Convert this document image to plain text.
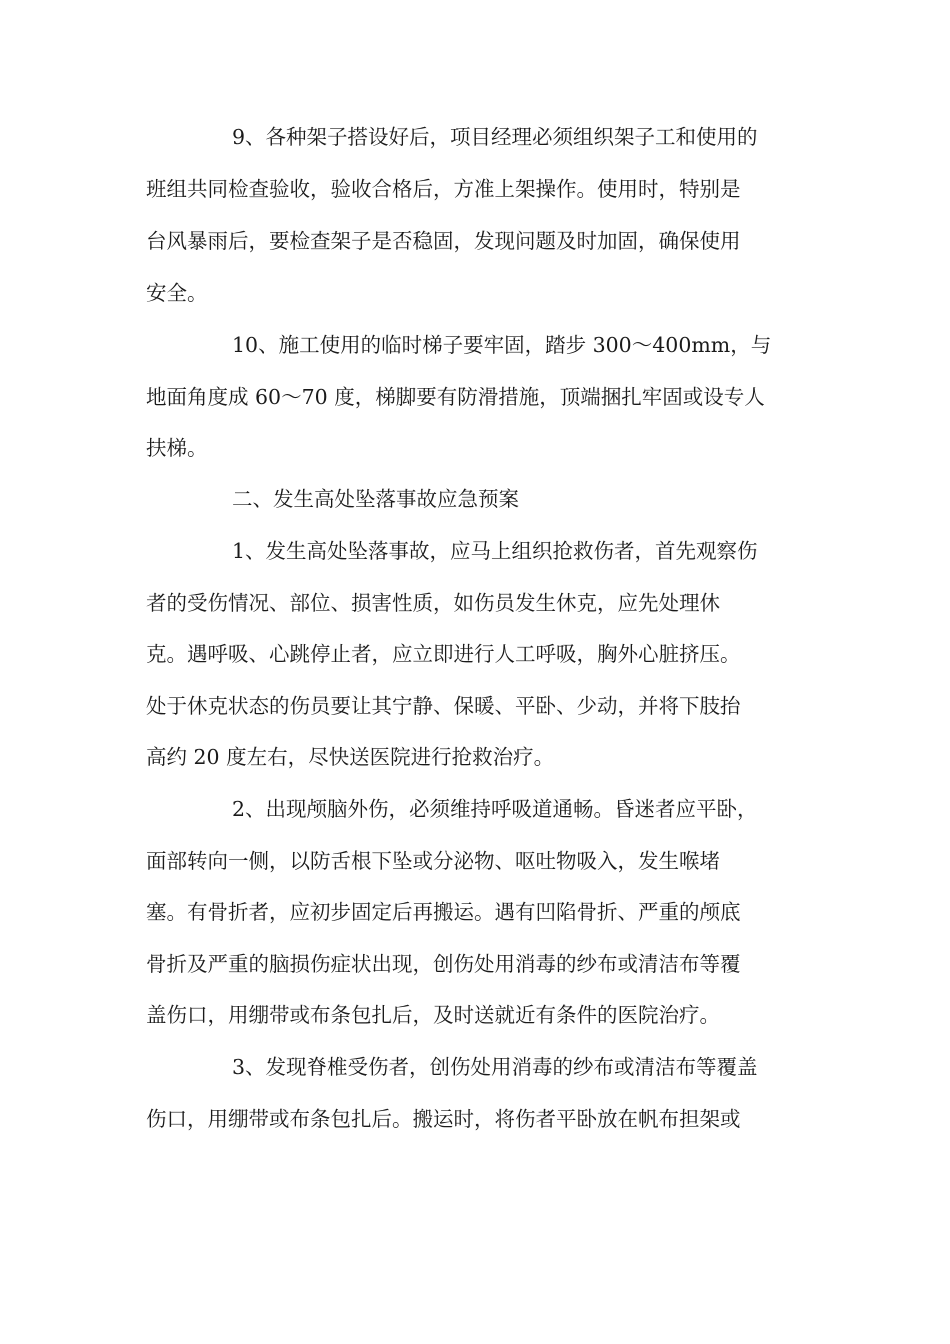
9、各种架子搭设好后，项目经理必须组织架子工和使用的
班组共同检查验收，验收合格后，方准上架操作。使用时，特别是
台风暴雨后，要检查架子是否稳固，发现问题及时加固，确保使用
安全。
10、施工使用的临时梯子要牢固，踏步 300～400mm，与
地面角度成 60～70 度，梯脚要有防滑措施，顶端捆扎牢固或设专人
扶梯。
二、发生高处坠落事故应急预案
1、发生高处坠落事故，应马上组织抢救伤者，首先观察伤
者的受伤情况、部位、损害性质，如伤员发生休克，应先处理休
克。遇呼吸、心跳停止者，应立即进行人工呼吸，胸外心脏挤压。
处于休克状态的伤员要让其宁静、保暖、平卧、少动，并将下肢抬
高约 20 度左右，尽快送医院进行抢救治疗。
2、出现颅脑外伤，必须维持呼吸道通畅。昏迷者应平卧，
面部转向一侧，以防舌根下坠或分泌物、呕吐物吸入，发生喉堵
塞。有骨折者，应初步固定后再搬运。遇有凹陷骨折、严重的颅底
骨折及严重的脑损伤症状出现，创伤处用消毒的纱布或清洁布等覆
盖伤口，用绷带或布条包扎后，及时送就近有条件的医院治疗。
3、发现脊椎受伤者，创伤处用消毒的纱布或清洁布等覆盖
伤口，用绷带或布条包扎后。搬运时，将伤者平卧放在帆布担架或
